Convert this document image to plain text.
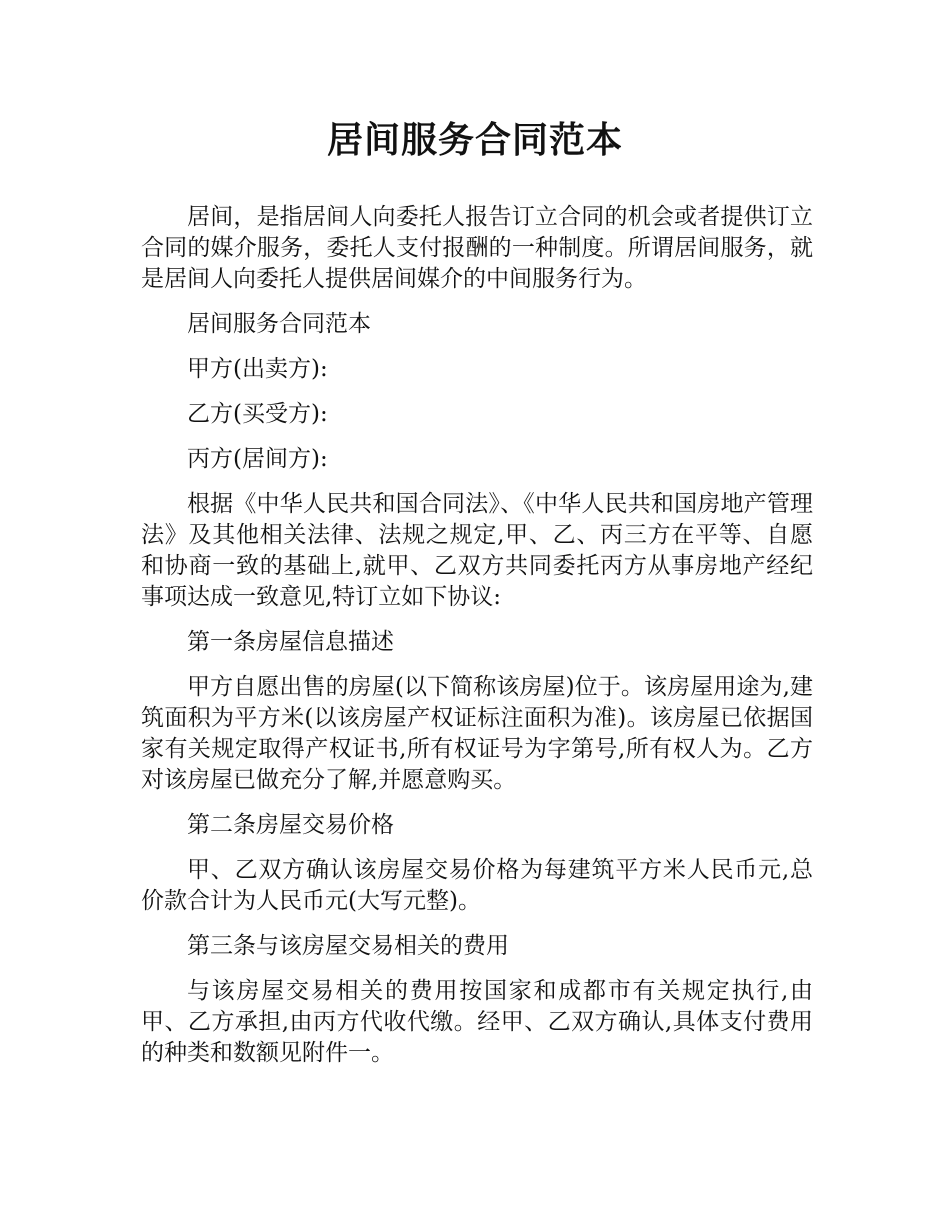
居间服务合同范本

居间，是指居间人向委托人报告订立合同的机会或者提供订立合同的媒介服务，委托人支付报酬的一种制度。所谓居间服务，就是居间人向委托人提供居间媒介的中间服务行为。

居间服务合同范本

甲方(出卖方):

乙方(买受方):

丙方(居间方):

根据《中华人民共和国合同法》、《中华人民共和国房地产管理法》及其他相关法律、法规之规定,甲、乙、丙三方在平等、自愿和协商一致的基础上,就甲、乙双方共同委托丙方从事房地产经纪事项达成一致意见,特订立如下协议:

第一条房屋信息描述

甲方自愿出售的房屋(以下简称该房屋)位于。该房屋用途为,建筑面积为平方米(以该房屋产权证标注面积为准)。该房屋已依据国家有关规定取得产权证书,所有权证号为字第号,所有权人为。乙方对该房屋已做充分了解,并愿意购买。

第二条房屋交易价格

甲、乙双方确认该房屋交易价格为每建筑平方米人民币元,总价款合计为人民币元(大写元整)。

第三条与该房屋交易相关的费用

与该房屋交易相关的费用按国家和成都市有关规定执行,由甲、乙方承担,由丙方代收代缴。经甲、乙双方确认,具体支付费用的种类和数额见附件一。
